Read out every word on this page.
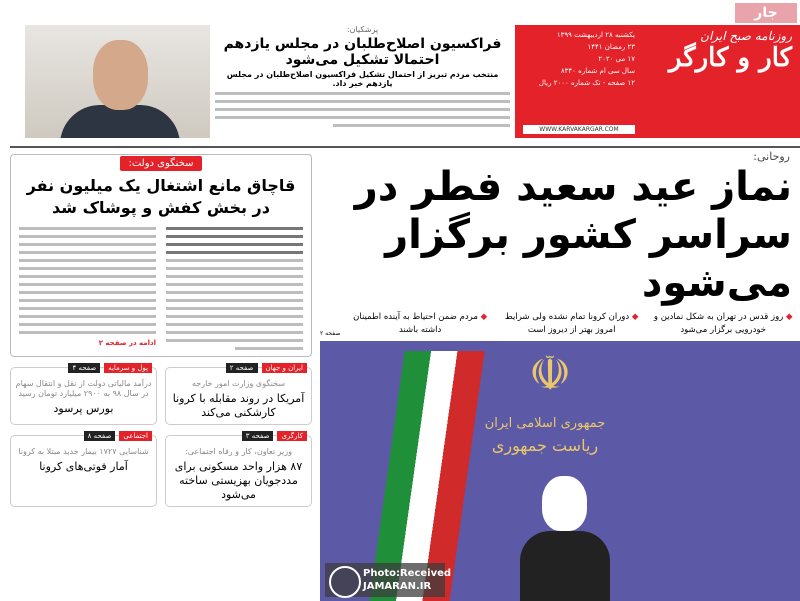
جار
روزنامه صبح ایران
کار و کارگر
یکشنبه ۲۸ اردیبهشت ۱۳۹۹
۲۳ رمضان ۱۴۴۱
۱۷ می ۲۰۲۰
سال سی ام شماره ۸۳۴۰
۱۲ صفحه - تک شماره ۲۰۰۰ ریال
WWW.KARVAKARGAR.COM
پزشکیان:
فراکسیون اصلاح‌طلبان در مجلس یازدهم احتمالا تشکیل می‌شود
منتخب مردم تبریز از احتمال تشکیل فراکسیون اصلاح‌طلبان در مجلس یازدهم خبر داد.
سخنگوی دولت:
قاچاق مانع اشتغال یک میلیون نفر در بخش کفش و پوشاک شد
ادامه در صفحه ۲
ایران و جهان
صفحه ۲
سخنگوی وزارت امور خارجه
آمریکا در روند مقابله با کرونا کارشکنی می‌کند
پول و سرمایه
صفحه ۴
درآمد مالیاتی دولت از نقل و انتقال سهام در سال ۹۸ به ۲۹۰۰ میلیارد تومان رسید
بورس پرسود
کارگری
صفحه ۳
وزیر تعاون، کار و رفاه اجتماعی:
۸۷ هزار واحد مسکونی برای مددجویان بهزیستی ساخته می‌شود
اجتماعی
صفحه ۸
شناسایی ۱۷۲۷ بیمار جدید مبتلا به کرونا
آمار فوتی‌های کرونا
روحانی:
نماز عید سعید فطر در سراسر کشور برگزار می‌شود
◆ روز قدس در تهران به شکل نمادین و خودرویی برگزار می‌شود
◆ دوران کرونا تمام نشده ولی شرایط امروز بهتر از دیروز است
◆ مردم ضمن احتیاط به آینده اطمینان داشته باشند
صفحه ۲
☫
جمهوری اسلامی ایران
ریاست جمهوری
Photo:Received
JAMARAN.IR
